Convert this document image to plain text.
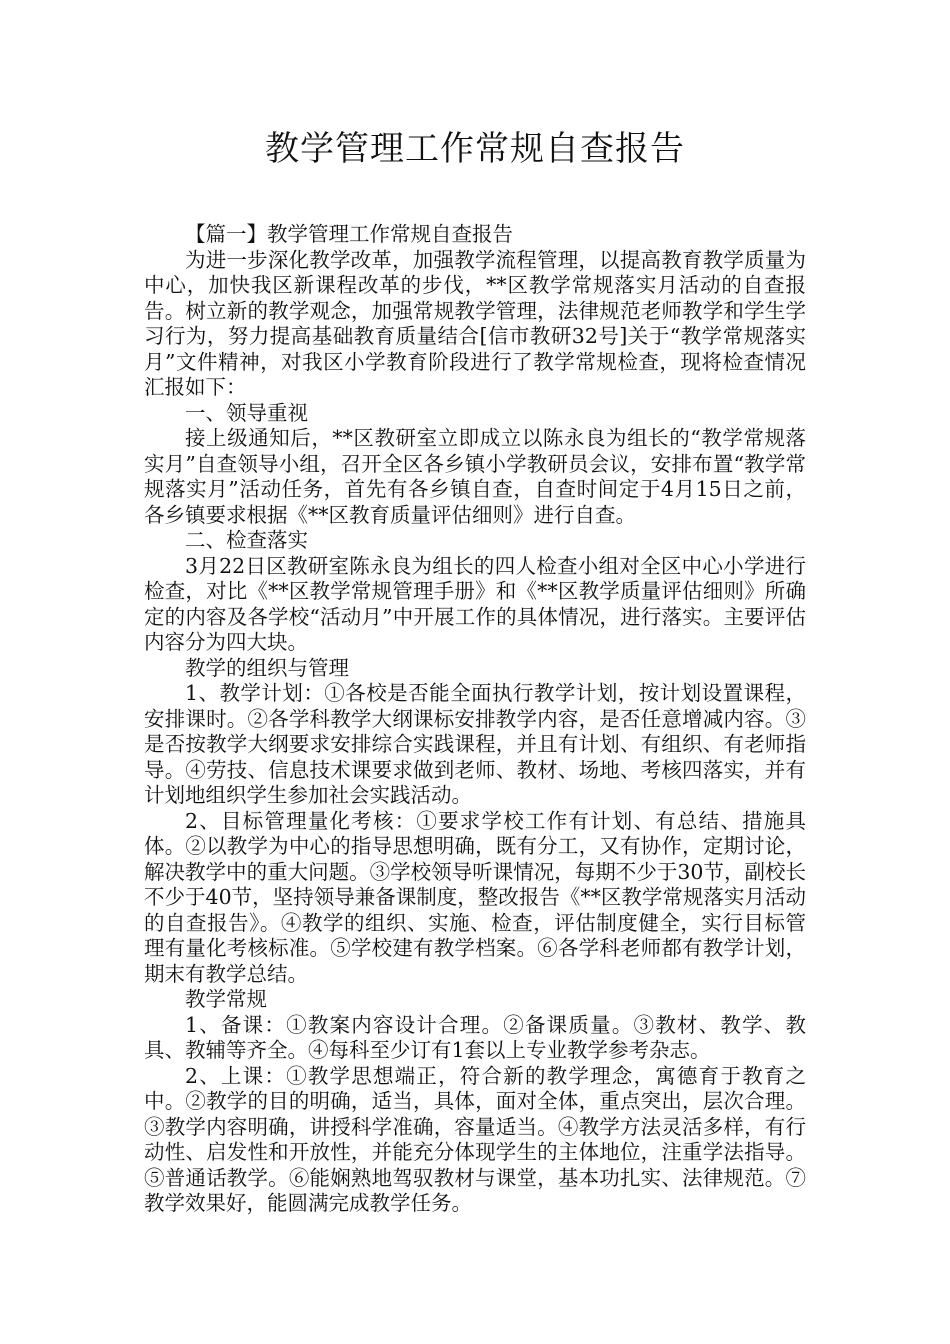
教学管理工作常规自查报告

【篇一】教学管理工作常规自查报告

为进一步深化教学改革，加强教学流程管理，以提高教育教学质量为中心，加快我区新课程改革的步伐，**区教学常规落实月活动的自查报告。树立新的教学观念，加强常规教学管理，法律规范老师教学和学生学习行为，努力提高基础教育质量结合[信市教研32号]关于“教学常规落实月”文件精神，对我区小学教育阶段进行了教学常规检查，现将检查情况汇报如下：

一、领导重视

接上级通知后，**区教研室立即成立以陈永良为组长的“教学常规落实月”自查领导小组，召开全区各乡镇小学教研员会议，安排布置“教学常规落实月”活动任务，首先有各乡镇自查，自查时间定于4月15日之前，各乡镇要求根据《**区教育质量评估细则》进行自查。

二、检查落实

3月22日区教研室陈永良为组长的四人检查小组对全区中心小学进行检查，对比《**区教学常规管理手册》和《**区教学质量评估细则》所确定的内容及各学校“活动月”中开展工作的具体情况，进行落实。主要评估内容分为四大块。

教学的组织与管理

1、教学计划：①各校是否能全面执行教学计划，按计划设置课程，安排课时。②各学科教学大纲课标安排教学内容，是否任意增减内容。③是否按教学大纲要求安排综合实践课程，并且有计划、有组织、有老师指导。④劳技、信息技术课要求做到老师、教材、场地、考核四落实，并有计划地组织学生参加社会实践活动。

2、目标管理量化考核：①要求学校工作有计划、有总结、措施具体。②以教学为中心的指导思想明确，既有分工，又有协作，定期讨论，解决教学中的重大问题。③学校领导听课情况，每期不少于30节，副校长不少于40节，坚持领导兼备课制度，整改报告《**区教学常规落实月活动的自查报告》。④教学的组织、实施、检查，评估制度健全，实行目标管理有量化考核标准。⑤学校建有教学档案。⑥各学科老师都有教学计划，期末有教学总结。

教学常规

1、备课：①教案内容设计合理。②备课质量。③教材、教学、教具、教辅等齐全。④每科至少订有1套以上专业教学参考杂志。

2、上课：①教学思想端正，符合新的教学理念，寓德育于教育之中。②教学的目的明确，适当，具体，面对全体，重点突出，层次合理。③教学内容明确，讲授科学准确，容量适当。④教学方法灵活多样，有行动性、启发性和开放性，并能充分体现学生的主体地位，注重学法指导。⑤普通话教学。⑥能娴熟地驾驭教材与课堂，基本功扎实、法律规范。⑦教学效果好，能圆满完成教学任务。
